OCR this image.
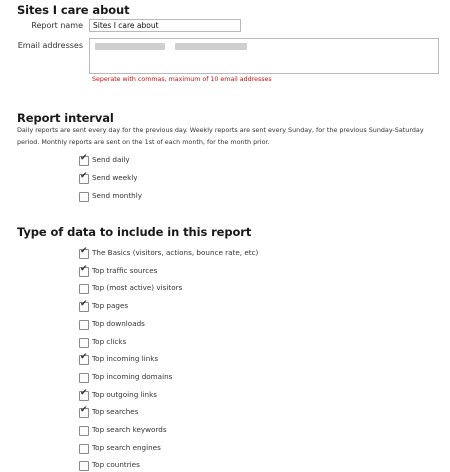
Sites I care about
Report name	Sites I care about
Email addresses
Seperate with commas, maximum of 10 email addresses
Report interval
Daily reports are sent every day for the previous day. Weekly reports are sent every Sunday, for the previous Sunday-Saturday period. Monthly reports are sent on the 1st of each month, for the month prior.
✔ Send daily
✔ Send weekly
Send monthly
Type of data to include in this report
✔ The Basics (visitors, actions, bounce rate, etc)
✔ Top traffic sources
Top (most active) visitors
✔ Top pages
Top downloads
Top clicks
✔ Top incoming links
Top incoming domains
✔ Top outgoing links
✔ Top searches
Top search keywords
Top search engines
Top countries
